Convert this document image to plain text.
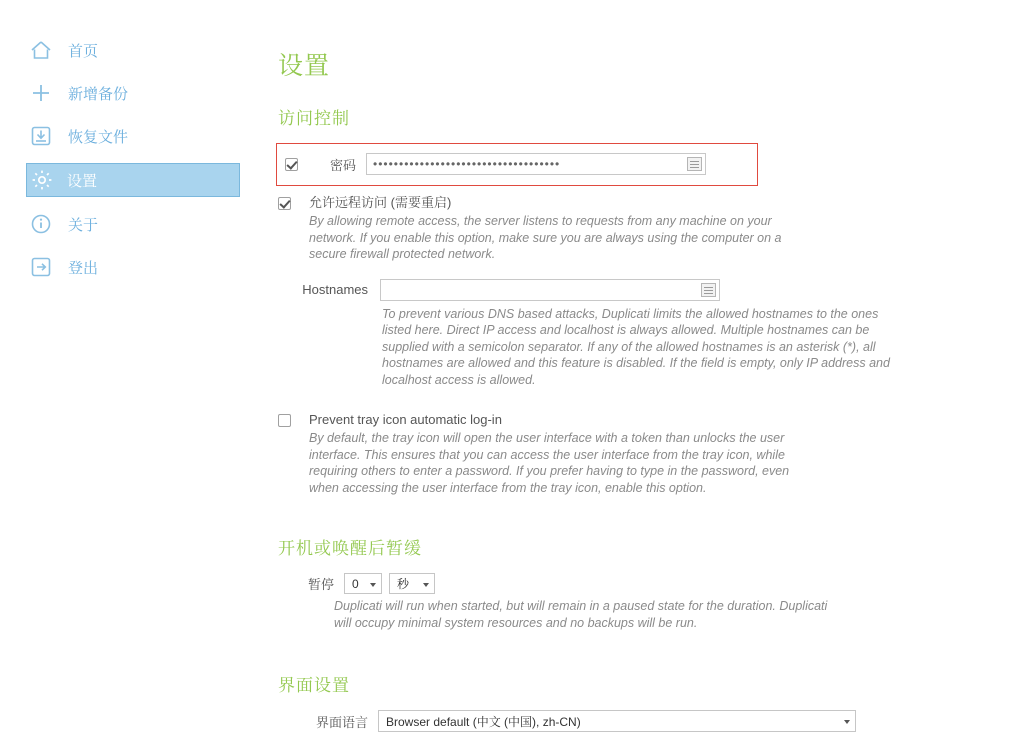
首页
新增备份
恢复文件
设置
关于
登出
设置
访问控制
密码 ••••••••••••••••••••••••••••••••••••
允许远程访问 (需要重启)
By allowing remote access, the server listens to requests from any machine on your network. If you enable this option, make sure you are always using the computer on a secure firewall protected network.
Hostnames
To prevent various DNS based attacks, Duplicati limits the allowed hostnames to the ones listed here. Direct IP access and localhost is always allowed. Multiple hostnames can be supplied with a semicolon separator. If any of the allowed hostnames is an asterisk (*), all hostnames are allowed and this feature is disabled. If the field is empty, only IP address and localhost access is allowed.
Prevent tray icon automatic log-in
By default, the tray icon will open the user interface with a token than unlocks the user interface. This ensures that you can access the user interface from the tray icon, while requiring others to enter a password. If you prefer having to type in the password, even when accessing the user interface from the tray icon, enable this option.
开机或唤醒后暂缓
暂停 0	秒
Duplicati will run when started, but will remain in a paused state for the duration. Duplicati will occupy minimal system resources and no backups will be run.
界面设置
界面语言 Browser default (中文 (中国), zh-CN)
